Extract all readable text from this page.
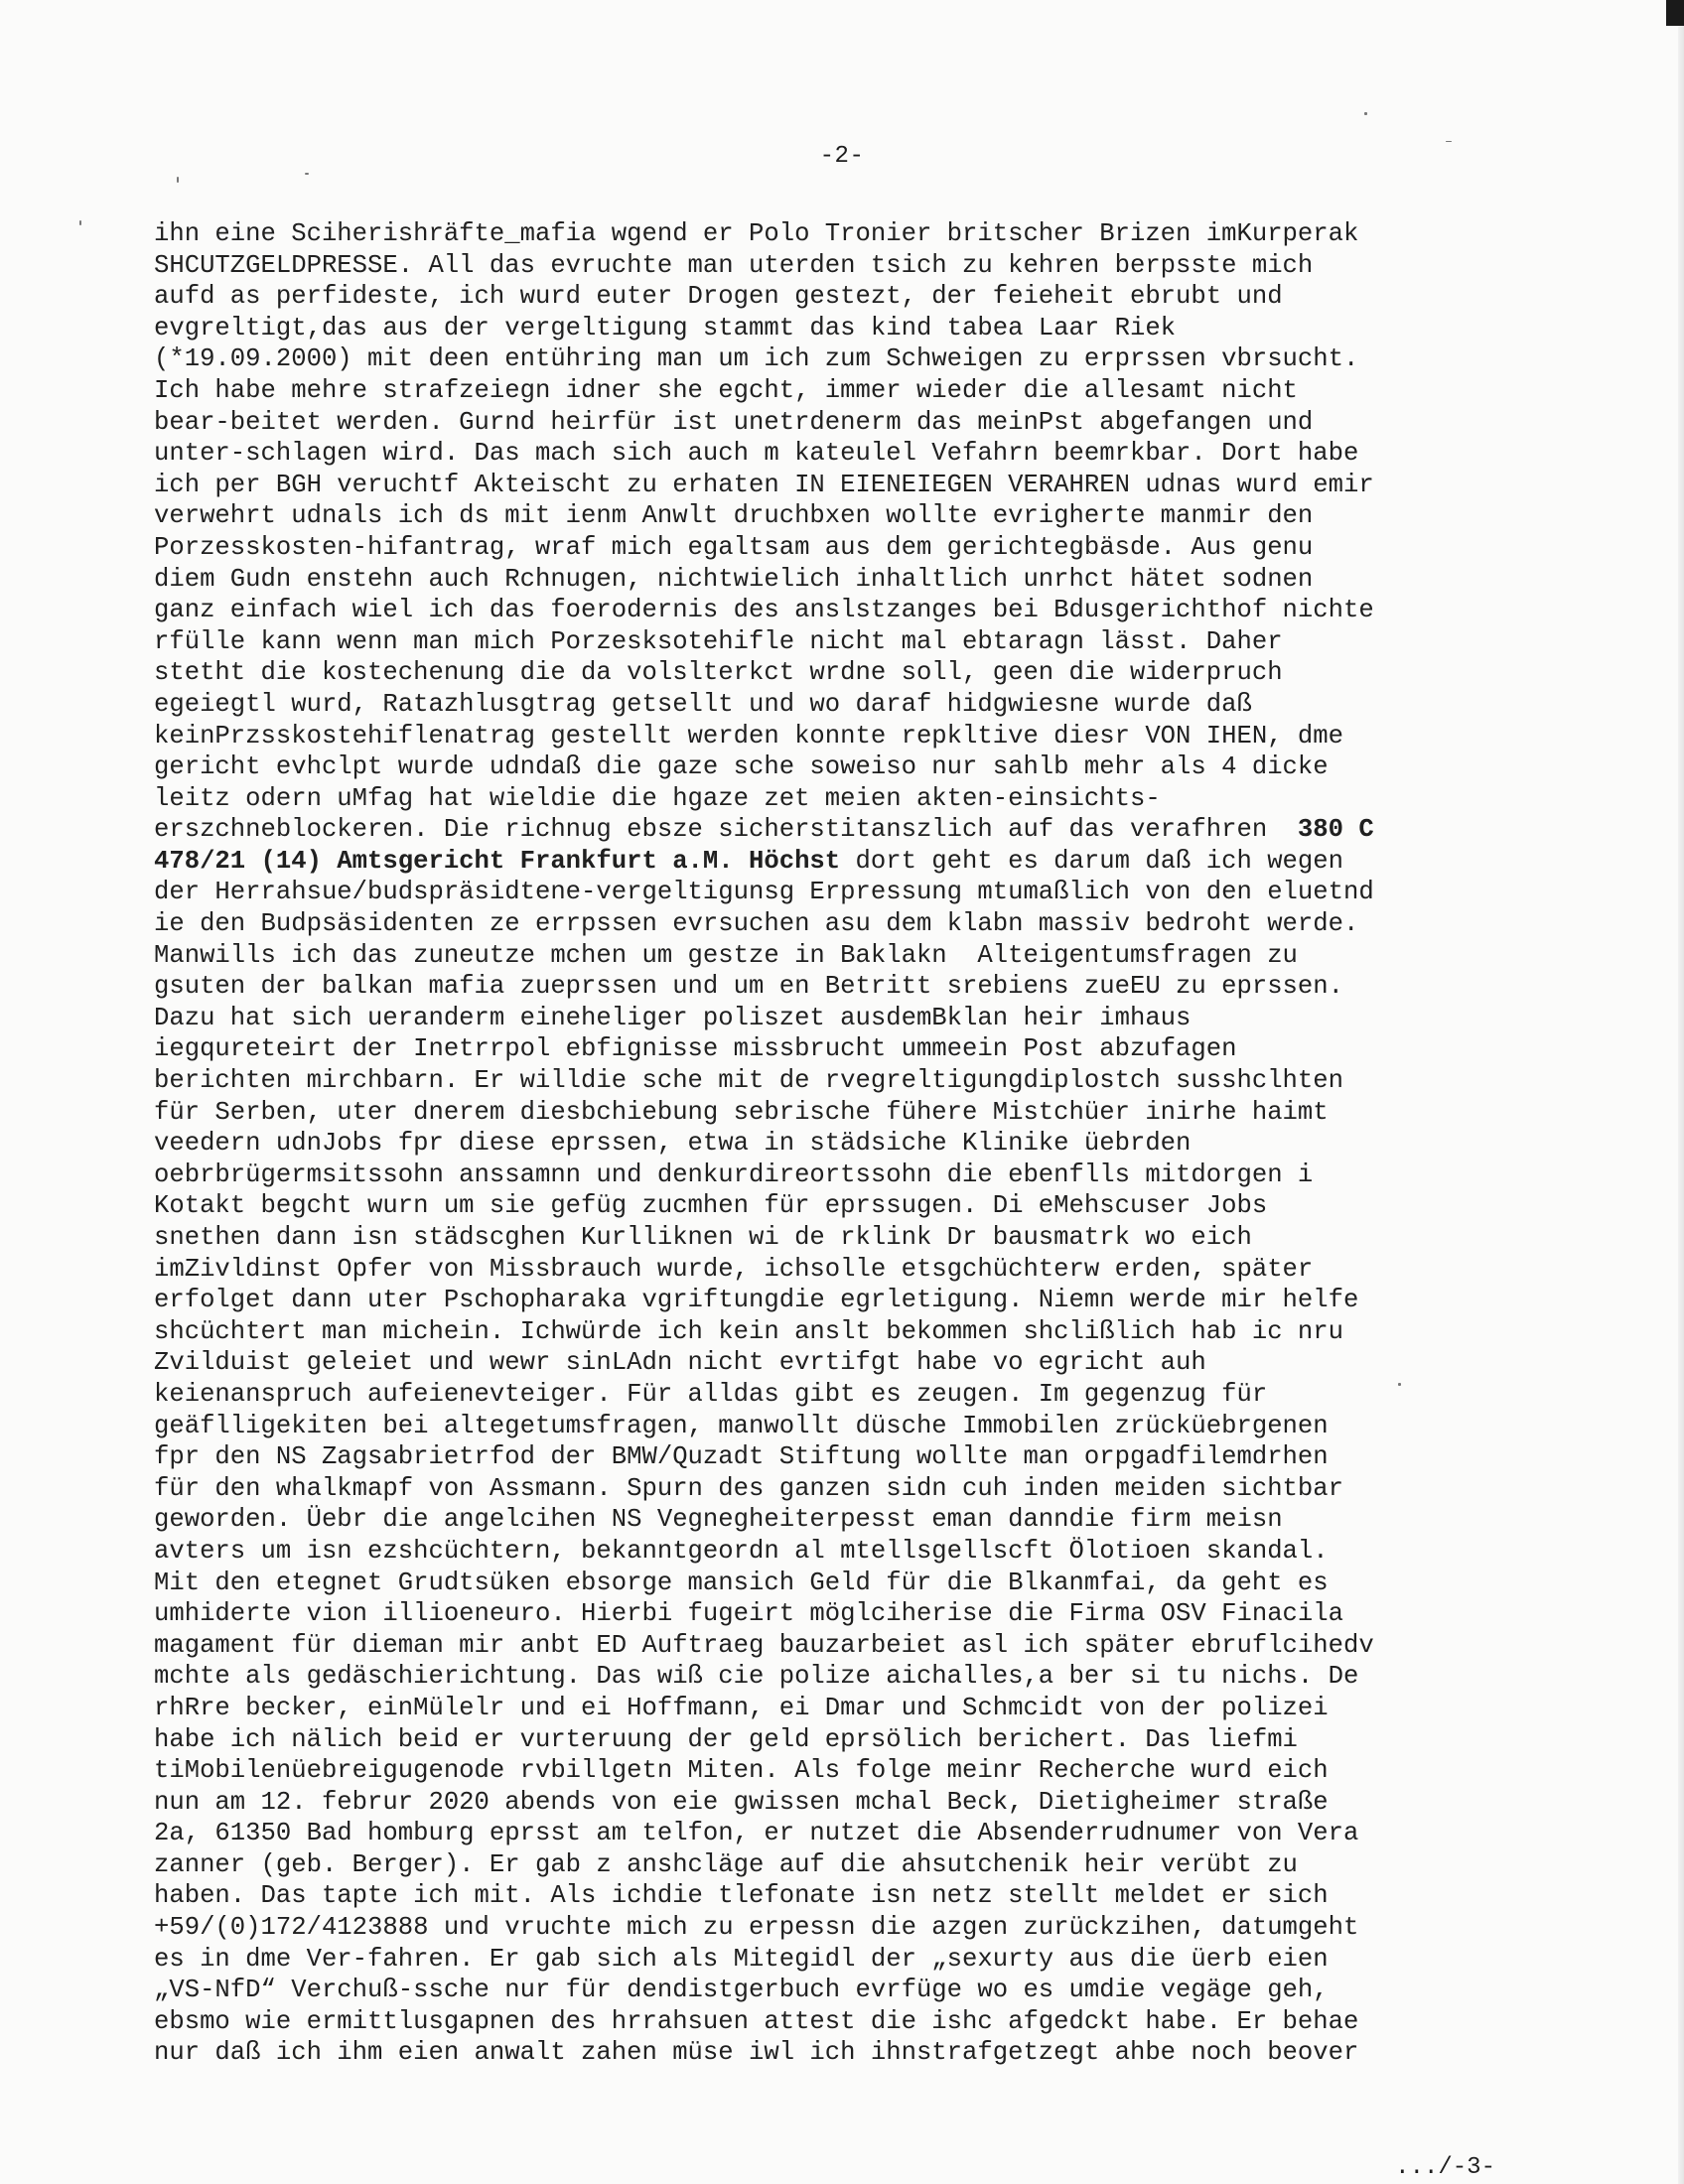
-2-
ihn eine Sciherishräfte_mafia wgend er Polo Tronier britscher Brizen imKurperak
SHCUTZGELDPRESSE. All das evruchte man uterden tsich zu kehren berpsste mich
aufd as perfideste, ich wurd euter Drogen gestezt, der feieheit ebrubt und
evgreltigt,das aus der vergeltigung stammt das kind tabea Laar Riek
(*19.09.2000) mit deen entühring man um ich zum Schweigen zu erprssen vbrsucht.
Ich habe mehre strafzeiegn idner she egcht, immer wieder die allesamt nicht
bear-beitet werden. Gurnd heirfür ist unetrdenerm das meinPst abgefangen und
unter-schlagen wird. Das mach sich auch m kateulel Vefahrn beemrkbar. Dort habe
ich per BGH veruchtf Akteischt zu erhaten IN EIENEIEGEN VERAHREN udnas wurd emir
verwehrt udnals ich ds mit ienm Anwlt druchbxen wollte evrigherte manmir den
Porzesskosten-hifantrag, wraf mich egaltsam aus dem gerichtegbäsde. Aus genu
diem Gudn enstehn auch Rchnugen, nichtwielich inhaltlich unrhct hätet sodnen
ganz einfach wiel ich das foerodernis des anslstzanges bei Bdusgerichthof nichte
rfülle kann wenn man mich Porzesksotehifle nicht mal ebtaragn lässt. Daher
stetht die kostechenung die da volslterkct wrdne soll, geen die widerpruch
egeiegtl wurd, Ratazhlusgtrag getsellt und wo daraf hidgwiesne wurde daß
keinPrzsskostehiflenatrag gestellt werden konnte repkltive diesr VON IHEN, dme
gericht evhclpt wurde udndaß die gaze sche soweiso nur sahlb mehr als 4 dicke
leitz odern uMfag hat wieldie die hgaze zet meien akten-einsichts-
erszchneblockeren. Die richnug ebsze sicherstitanszlich auf das verafhren  380 C
478/21 (14) Amtsgericht Frankfurt a.M. Höchst dort geht es darum daß ich wegen
der Herrahsue/budspräsidtene-vergeltigunsg Erpressung mtumaßlich von den eluetnd
ie den Budpsäsidenten ze errpssen evrsuchen asu dem klabn massiv bedroht werde.
Manwills ich das zuneutze mchen um gestze in Baklakn  Alteigentumsfragen zu
gsuten der balkan mafia zueprssen und um en Betritt srebiens zueEU zu eprssen.
Dazu hat sich ueranderm eineheliger poliszet ausdemBklan heir imhaus
iegqureteirt der Inetrrpol ebfignisse missbrucht ummeein Post abzufagen
berichten mirchbarn. Er willdie sche mit de rvegreltigungdiplostch susshclhten
für Serben, uter dnerem diesbchiebung sebrische fühere Mistchüer inirhe haimt
veedern udnJobs fpr diese eprssen, etwa in städsiche Klinike üebrden
oebrbrügermsitssohn anssamnn und denkurdireortssohn die ebenflls mitdorgen i
Kotakt begcht wurn um sie gefüg zucmhen für eprssugen. Di eMehscuser Jobs
snethen dann isn städscghen Kurlliknen wi de rklink Dr bausmatrk wo eich
imZivldinst Opfer von Missbrauch wurde, ichsolle etsgchüchterw erden, später
erfolget dann uter Pschopharaka vgriftungdie egrletigung. Niemn werde mir helfe
shcüchtert man michein. Ichwürde ich kein anslt bekommen shclißlich hab ic nru
Zvilduist geleiet und wewr sinLAdn nicht evrtifgt habe vo egricht auh
keienanspruch aufeienevteiger. Für alldas gibt es zeugen. Im gegenzug für
geäflligekiten bei altegetumsfragen, manwollt düsche Immobilen zrücküebrgenen
fpr den NS Zagsabrietrfod der BMW/Quzadt Stiftung wollte man orpgadfilemdrhen
für den whalkmapf von Assmann. Spurn des ganzen sidn cuh inden meiden sichtbar
geworden. Üebr die angelcihen NS Vegnegheiterpesst eman danndie firm meisn
avters um isn ezshcüchtern, bekanntgeordn al mtellsgellscft Ölotioen skandal.
Mit den etegnet Grudtsüken ebsorge mansich Geld für die Blkanmfai, da geht es
umhiderte vion illioeneuro. Hierbi fugeirt möglciherise die Firma OSV Finacila
magament für dieman mir anbt ED Auftraeg bauzarbeiet asl ich später ebruflcihedv
mchte als gedäschierichtung. Das wiß cie polize aichalles,a ber si tu nichs. De
rhRre becker, einMülelr und ei Hoffmann, ei Dmar und Schmcidt von der polizei
habe ich nälich beid er vurteruung der geld eprsölich berichert. Das liefmi
tiMobilenüebreigugenode rvbillgetn Miten. Als folge meinr Recherche wurd eich
nun am 12. februr 2020 abends von eie gwissen mchal Beck, Dietigheimer straße
2a, 61350 Bad homburg eprsst am telfon, er nutzet die Absenderrudnumer von Vera
zanner (geb. Berger). Er gab z anshcläge auf die ahsutchenik heir verübt zu
haben. Das tapte ich mit. Als ichdie tlefonate isn netz stellt meldet er sich
+59/(0)172/4123888 und vruchte mich zu erpessn die azgen zurückzihen, datumgeht
es in dme Ver-fahren. Er gab sich als Mitegidl der „sexurty aus die üerb eien
„VS-NfD“ Verchuß-ssche nur für dendistgerbuch evrfüge wo es umdie vegäge geh,
ebsmo wie ermittlusgapnen des hrrahsuen attest die ishc afgedckt habe. Er behae
nur daß ich ihm eien anwalt zahen müse iwl ich ihnstrafgetzegt ahbe noch beover
.../-3-
